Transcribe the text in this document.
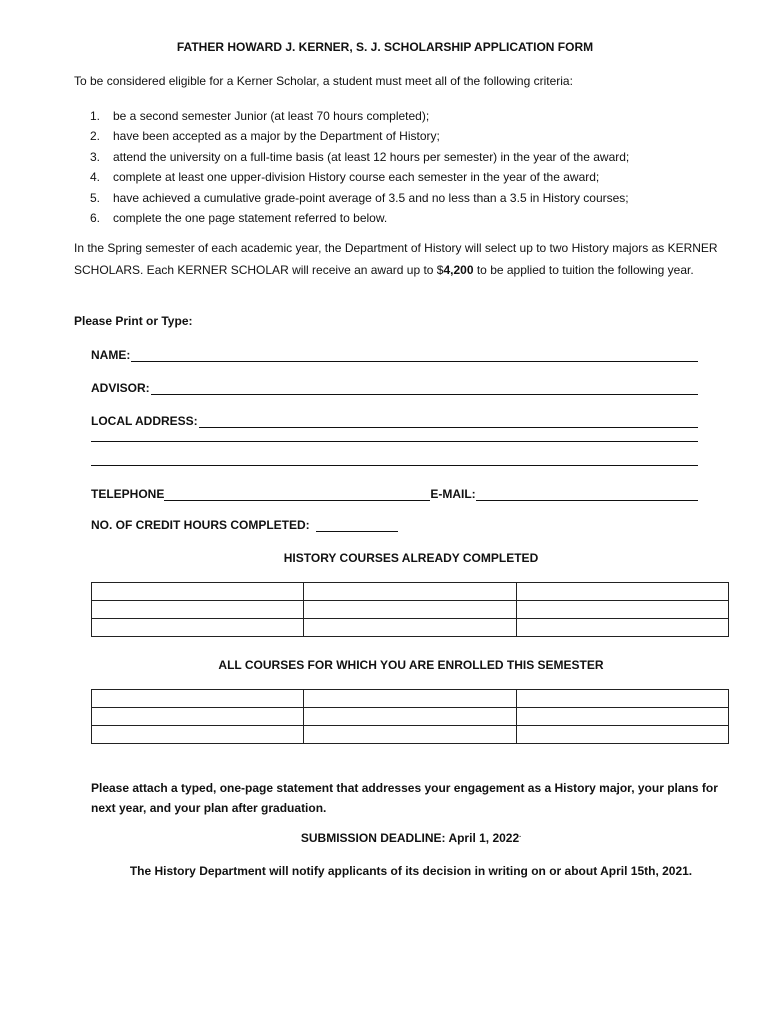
FATHER HOWARD J. KERNER, S. J. SCHOLARSHIP APPLICATION FORM
To be considered eligible for a Kerner Scholar, a student must meet all of the following criteria:
1. be a second semester Junior (at least 70 hours completed);
2. have been accepted as a major by the Department of History;
3. attend the university on a full-time basis (at least 12 hours per semester) in the year of the award;
4. complete at least one upper-division History course each semester in the year of the award;
5. have achieved a cumulative grade-point average of 3.5 and no less than a 3.5 in History courses;
6. complete the one page statement referred to below.
In the Spring semester of each academic year, the Department of History will select up to two History majors as KERNER SCHOLARS. Each KERNER SCHOLAR will receive an award up to $4,200 to be applied to tuition the following year.
Please Print or Type:
NAME:
ADVISOR:
LOCAL ADDRESS:
TELEPHONE	E-MAIL:
NO. OF CREDIT HOURS COMPLETED:
HISTORY COURSES ALREADY COMPLETED

ALL COURSES FOR WHICH YOU ARE ENROLLED THIS SEMESTER

Please attach a typed, one-page statement that addresses your engagement as a History major, your plans for next year, and your plan after graduation.
SUBMISSION DEADLINE: April 1, 2022.
The History Department will notify applicants of its decision in writing on or about April 15th, 2021.
